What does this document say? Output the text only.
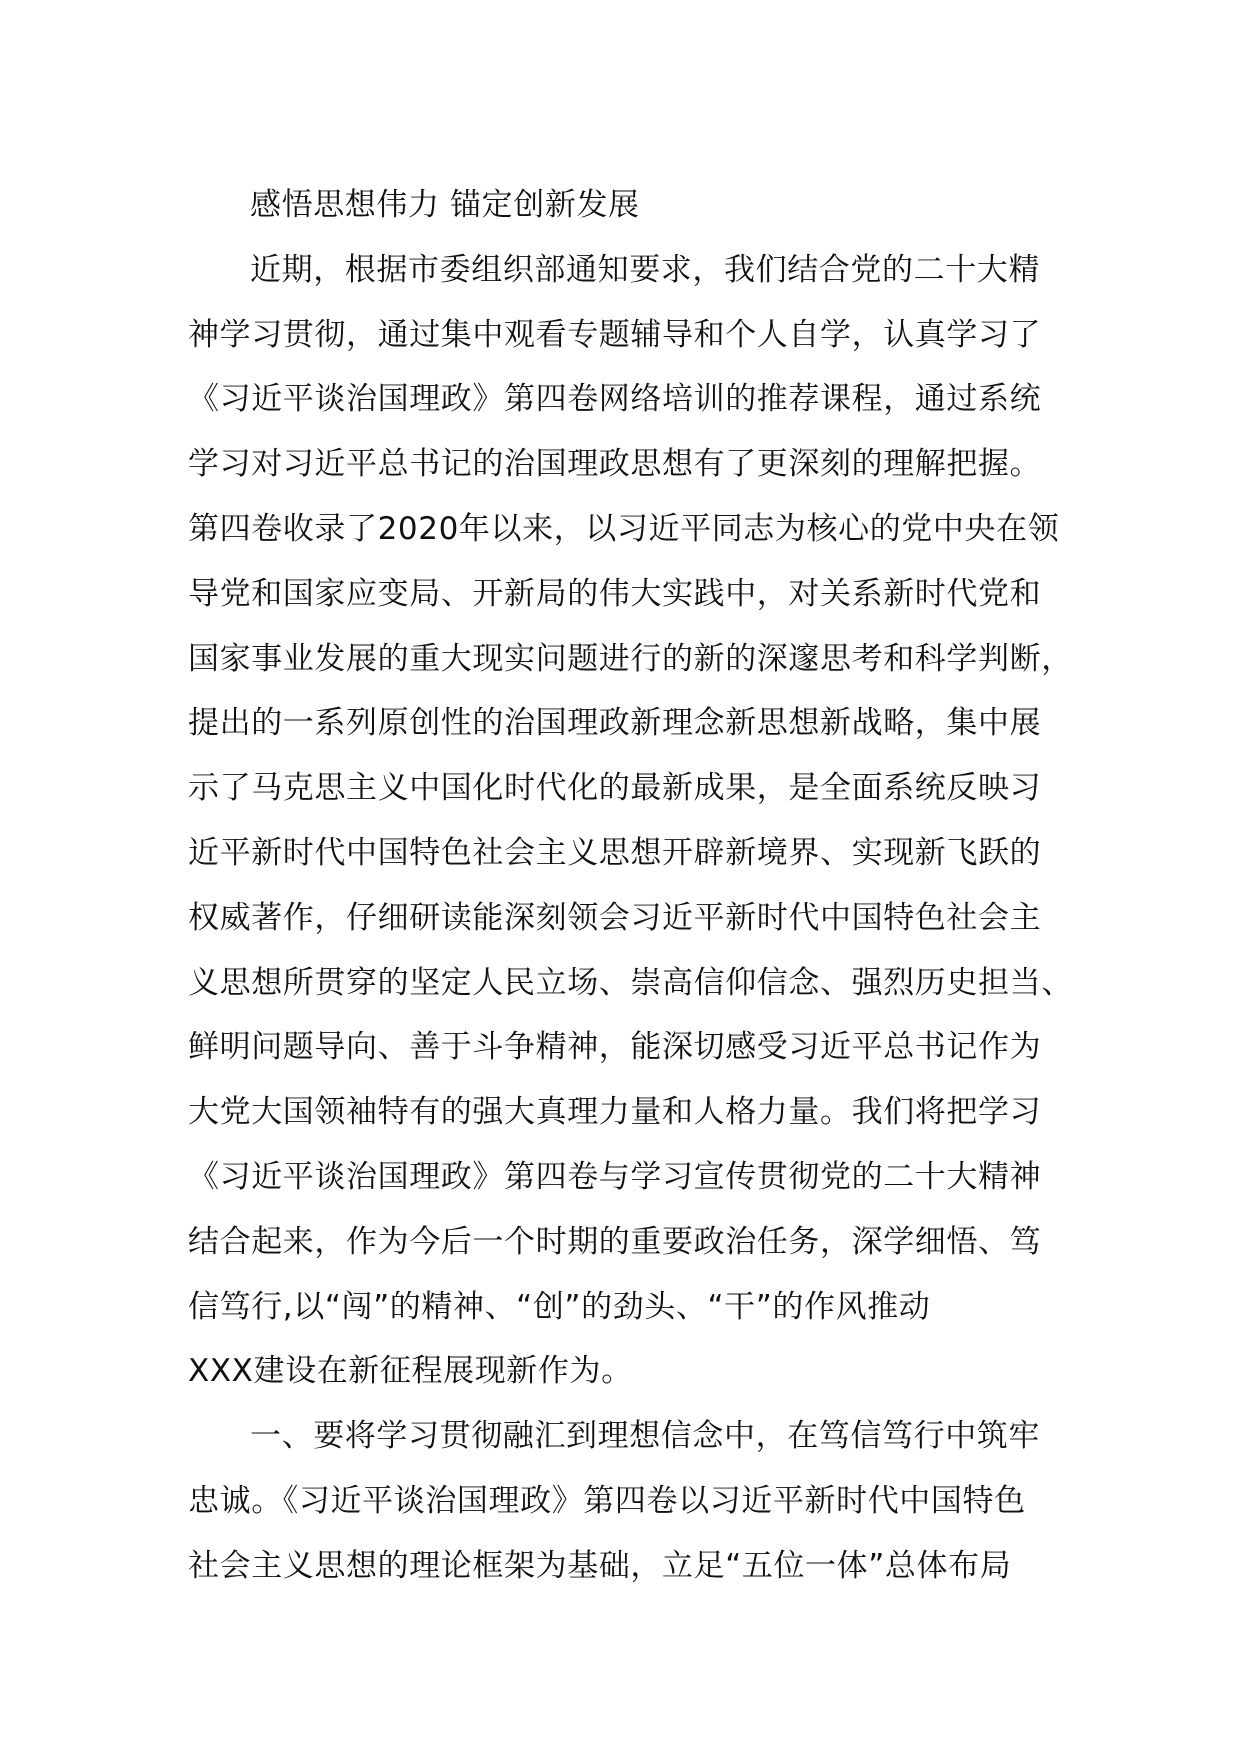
感悟思想伟力 锚定创新发展
近期，根据市委组织部通知要求，我们结合党的二十大精
神学习贯彻，通过集中观看专题辅导和个人自学，认真学习了
《习近平谈治国理政》第四卷网络培训的推荐课程，通过系统
学习对习近平总书记的治国理政思想有了更深刻的理解把握。
第四卷收录了2020年以来，以习近平同志为核心的党中央在领
导党和国家应变局、开新局的伟大实践中，对关系新时代党和
国家事业发展的重大现实问题进行的新的深邃思考和科学判断，
提出的一系列原创性的治国理政新理念新思想新战略，集中展
示了马克思主义中国化时代化的最新成果，是全面系统反映习
近平新时代中国特色社会主义思想开辟新境界、实现新飞跃的
权威著作，仔细研读能深刻领会习近平新时代中国特色社会主
义思想所贯穿的坚定人民立场、崇高信仰信念、强烈历史担当、
鲜明问题导向、善于斗争精神，能深切感受习近平总书记作为
大党大国领袖特有的强大真理力量和人格力量。我们将把学习
《习近平谈治国理政》第四卷与学习宣传贯彻党的二十大精神
结合起来，作为今后一个时期的重要政治任务，深学细悟、笃
信笃行,以“闯”的精神、“创”的劲头、“干”的作风推动
XXX建设在新征程展现新作为。
一、要将学习贯彻融汇到理想信念中，在笃信笃行中筑牢
忠诚。《习近平谈治国理政》第四卷以习近平新时代中国特色
社会主义思想的理论框架为基础，立足“五位一体”总体布局
